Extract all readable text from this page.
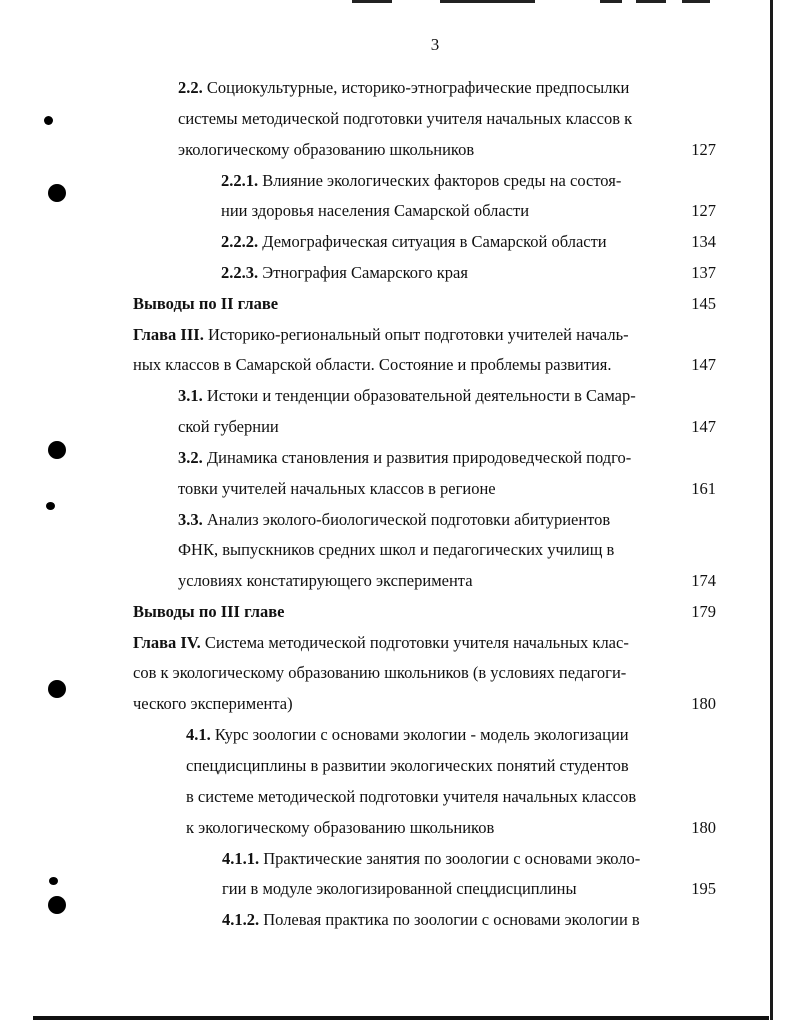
3
2.2. Социокультурные, историко-этнографические предпосылки
системы методической подготовки учителя начальных классов к
экологическому образованию школьников	127
2.2.1. Влияние экологических факторов среды на состоя-
нии здоровья населения Самарской области	127
2.2.2. Демографическая ситуация в Самарской области	134
2.2.3. Этнография Самарского края	137
Выводы по II главе	145
Глава III. Историко-региональный опыт подготовки учителей началь-
ных классов в Самарской области. Состояние и проблемы развития.	147
3.1. Истоки и тенденции образовательной деятельности в Самар-
ской губернии	147
3.2. Динамика становления и развития природоведческой подго-
товки учителей начальных классов в регионе	161
3.3. Анализ эколого-биологической подготовки абитуриентов
ФНК, выпускников средних школ и педагогических училищ в
условиях констатирующего эксперимента	174
Выводы по III главе	179
Глава IV. Система методической подготовки учителя начальных клас-
сов к экологическому образованию школьников (в условиях педагоги-
ческого эксперимента)	180
4.1. Курс зоологии с основами экологии - модель экологизации
спецдисциплины в развитии экологических понятий студентов
в системе методической подготовки учителя начальных классов
к экологическому образованию школьников	180
4.1.1. Практические занятия по зоологии с основами эколо-
гии в модуле экологизированной спецдисциплины	195
4.1.2. Полевая практика по зоологии с основами экологии в
